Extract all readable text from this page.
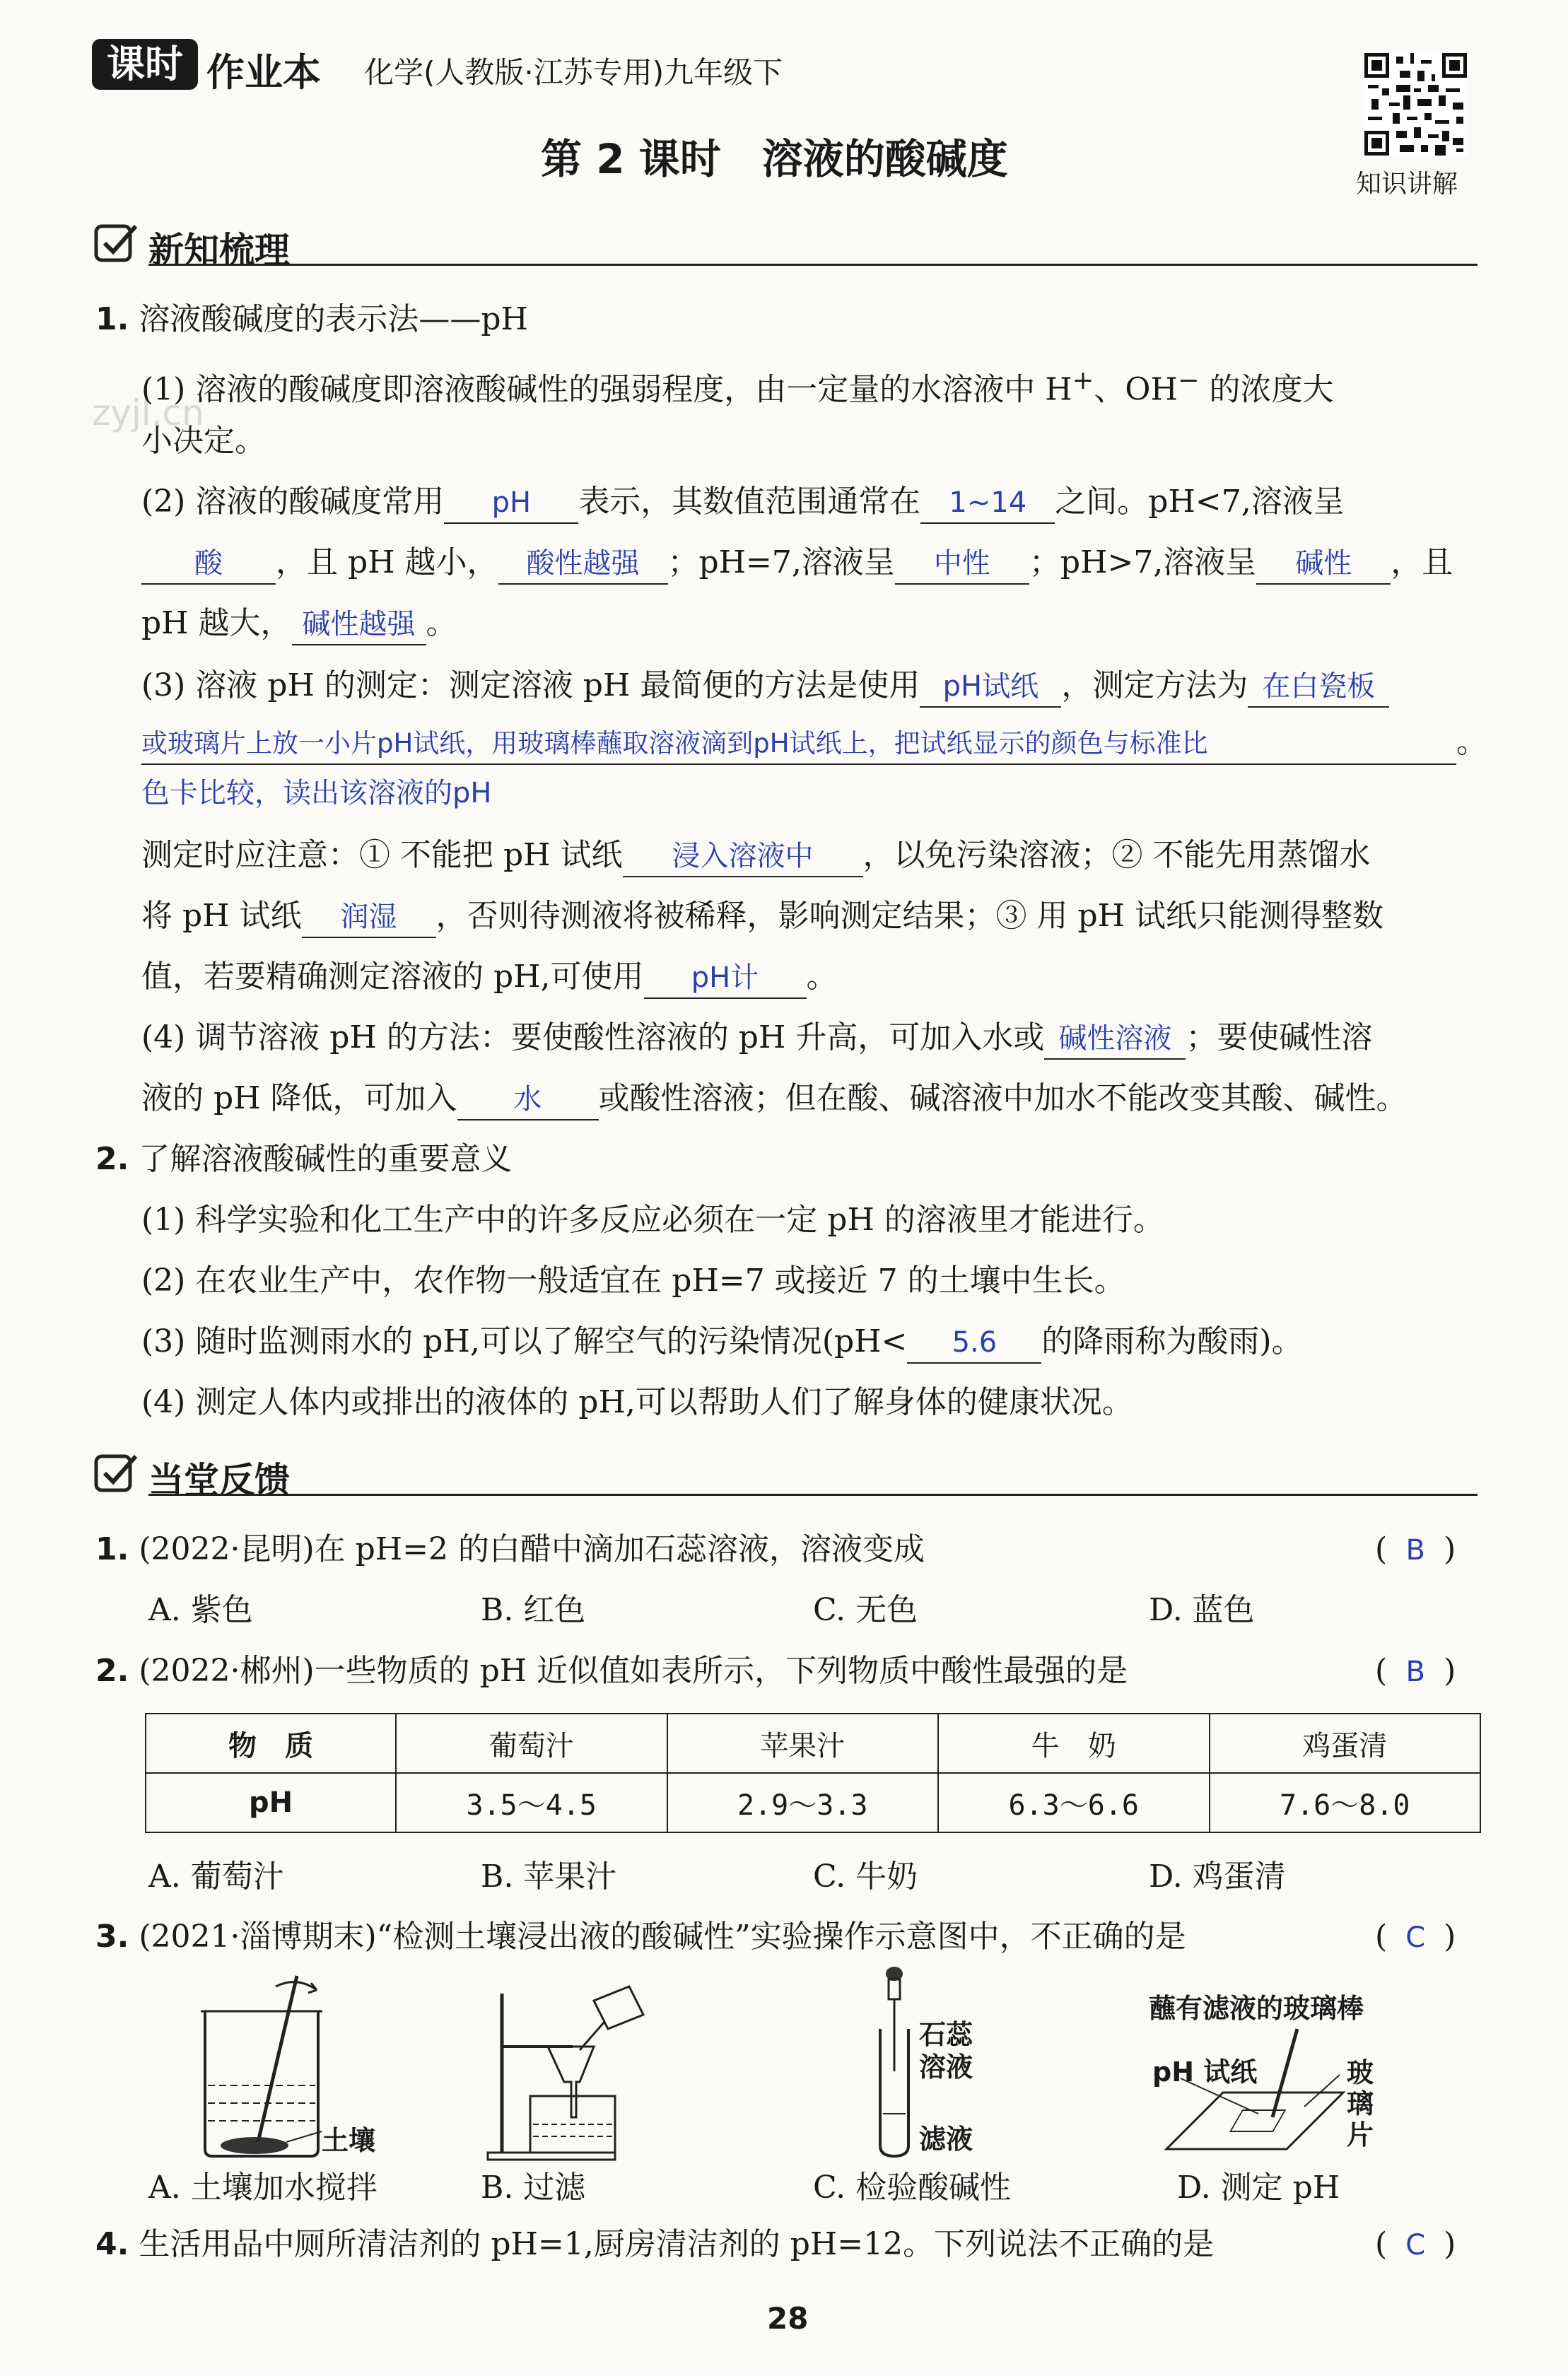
课时 作业本 化学(人教版·江苏专用)九年级下
第 2 课时　溶液的酸碱度
知识讲解
zyjl.cn
新知梳理
1. 溶液酸碱度的表示法——pH
(1) 溶液的酸碱度即溶液酸碱性的强弱程度，由一定量的水溶液中 H+、OH− 的浓度大
小决定。
(2) 溶液的酸碱度常用 pH 表示，其数值范围通常在 1~14 之间。pH<7,溶液呈
酸 ，且 pH 越小， 酸性越强 ；pH=7,溶液呈 中性 ；pH>7,溶液呈 碱性 ，且
pH 越大， 碱性越强 。
(3) 溶液 pH 的测定：测定溶液 pH 最简便的方法是使用 pH试纸 ，测定方法为 在白瓷板
或玻璃片上放一小片pH试纸，用玻璃棒蘸取溶液滴到pH试纸上，把试纸显示的颜色与标准比	。
色卡比较，读出该溶液的pH
测定时应注意：① 不能把 pH 试纸 浸入溶液中 ，以免污染溶液；② 不能先用蒸馏水
将 pH 试纸 润湿 ，否则待测液将被稀释，影响测定结果；③ 用 pH 试纸只能测得整数
值，若要精确测定溶液的 pH,可使用 pH计 。
(4) 调节溶液 pH 的方法：要使酸性溶液的 pH 升高，可加入水或 碱性溶液 ；要使碱性溶
液的 pH 降低，可加入 水 或酸性溶液；但在酸、碱溶液中加水不能改变其酸、碱性。
2. 了解溶液酸碱性的重要意义
(1) 科学实验和化工生产中的许多反应必须在一定 pH 的溶液里才能进行。
(2) 在农业生产中，农作物一般适宜在 pH=7 或接近 7 的土壤中生长。
(3) 随时监测雨水的 pH,可以了解空气的污染情况(pH< 5.6 的降雨称为酸雨)。
(4) 测定人体内或排出的液体的 pH,可以帮助人们了解身体的健康状况。
当堂反馈
1. (2022·昆明)在 pH=2 的白醋中滴加石蕊溶液，溶液变成	( B )
A. 紫色	B. 红色	C. 无色	D. 蓝色
2. (2022·郴州)一些物质的 pH 近似值如表所示，下列物质中酸性最强的是	( B )
物　质	葡萄汁	苹果汁	牛　奶	鸡蛋清
pH	3.5～4.5	2.9～3.3	6.3～6.6	7.6～8.0
A. 葡萄汁	B. 苹果汁	C. 牛奶	D. 鸡蛋清
3. (2021·淄博期末)“检测土壤浸出液的酸碱性”实验操作示意图中，不正确的是	( C )
土壤
石蕊溶液
滤液
蘸有滤液的玻璃棒
pH 试纸	玻璃片
A. 土壤加水搅拌	B. 过滤	C. 检验酸碱性	D. 测定 pH
4. 生活用品中厕所清洁剂的 pH=1,厨房清洁剂的 pH=12。下列说法不正确的是	( C )
28
